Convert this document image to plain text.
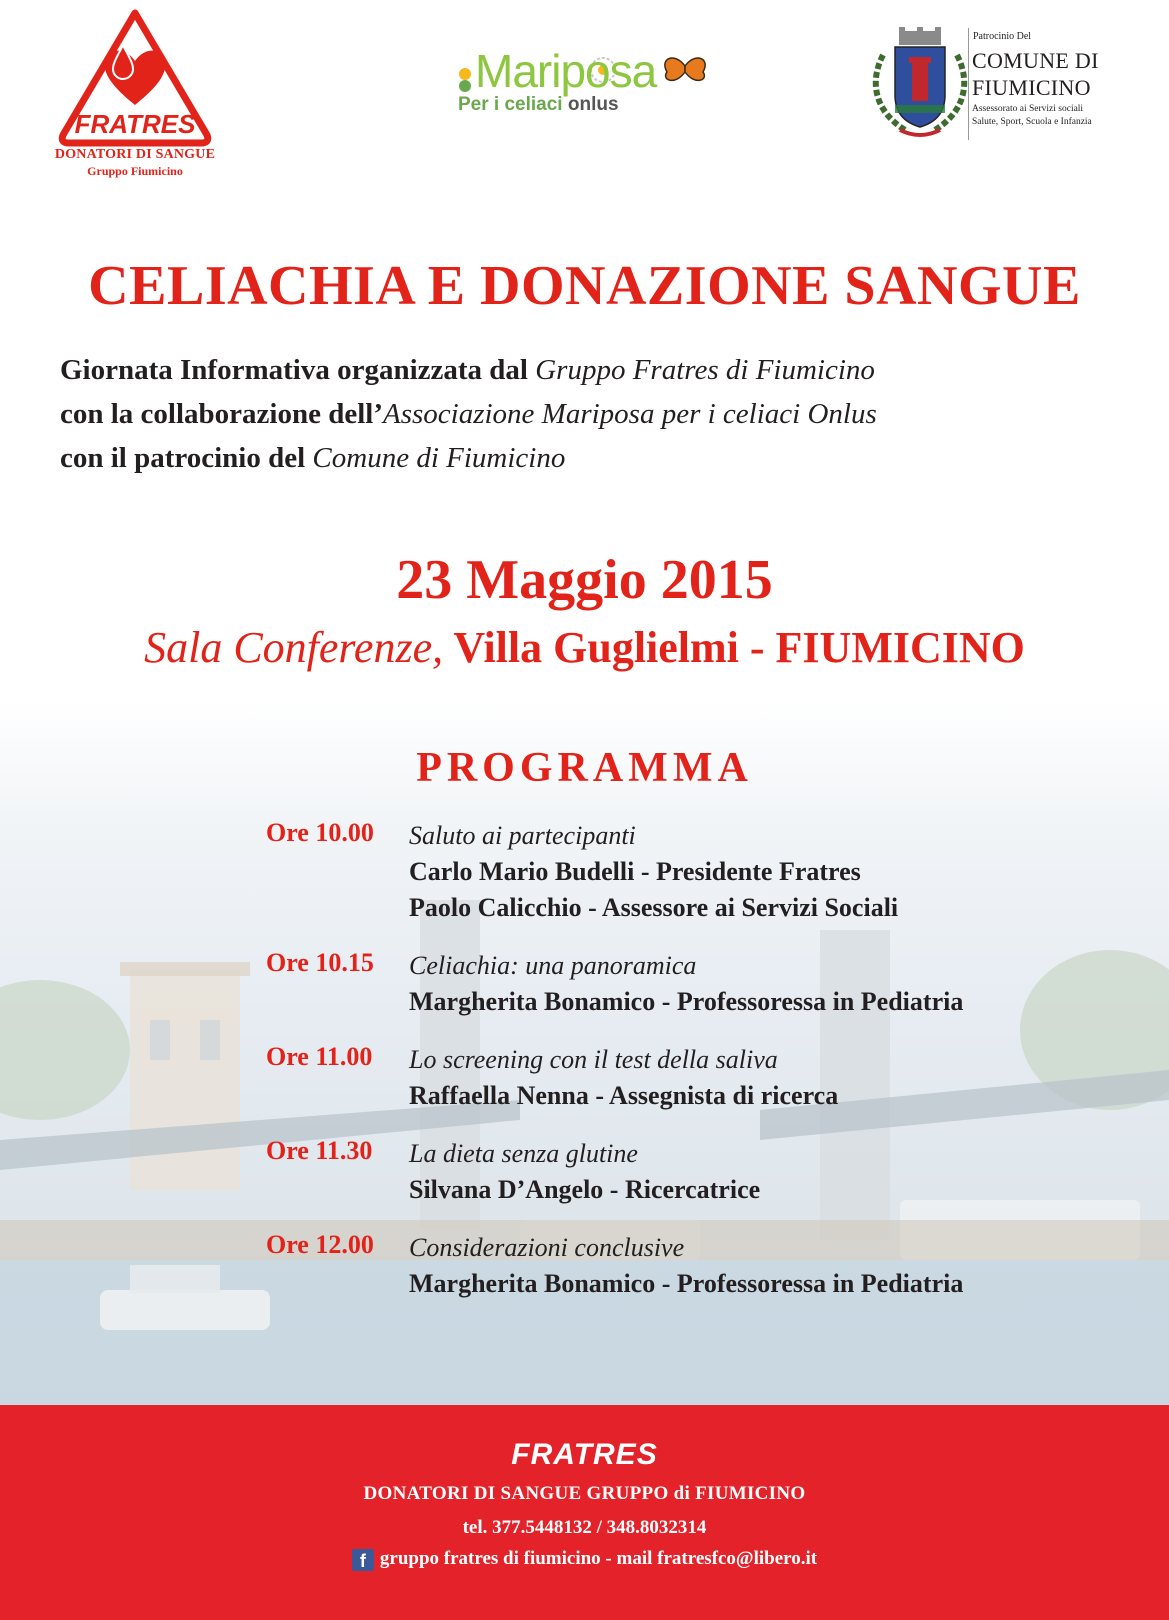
FRATRES
DONATORI DI SANGUE
Gruppo Fiumicino
Mariposa
Per i celiaci onlus
Patrocinio Del
COMUNE DI
FIUMICINO
Assessorato ai Servizi sociali
Salute, Sport, Scuola e Infanzia
CELIACHIA E DONAZIONE SANGUE
Giornata Informativa organizzata dal Gruppo Fratres di Fiumicino
con la collaborazione dell’Associazione Mariposa per i celiaci Onlus
con il patrocinio del Comune di Fiumicino
23 Maggio 2015
Sala Conferenze, Villa Guglielmi - FIUMICINO
PROGRAMMA
Ore 10.00 Saluto ai partecipanti
Carlo Mario Budelli - Presidente Fratres
Paolo Calicchio - Assessore ai Servizi Sociali
Ore 10.15 Celiachia: una panoramica
Margherita Bonamico - Professoressa in Pediatria
Ore 11.00 Lo screening con il test della saliva
Raffaella Nenna - Assegnista di ricerca
Ore 11.30 La dieta senza glutine
Silvana D’Angelo - Ricercatrice
Ore 12.00 Considerazioni conclusive
Margherita Bonamico - Professoressa in Pediatria
FRATRES
DONATORI DI SANGUE GRUPPO di FIUMICINO
tel. 377.5448132 / 348.8032314
f gruppo fratres di fiumicino - mail fratresfco@libero.it
